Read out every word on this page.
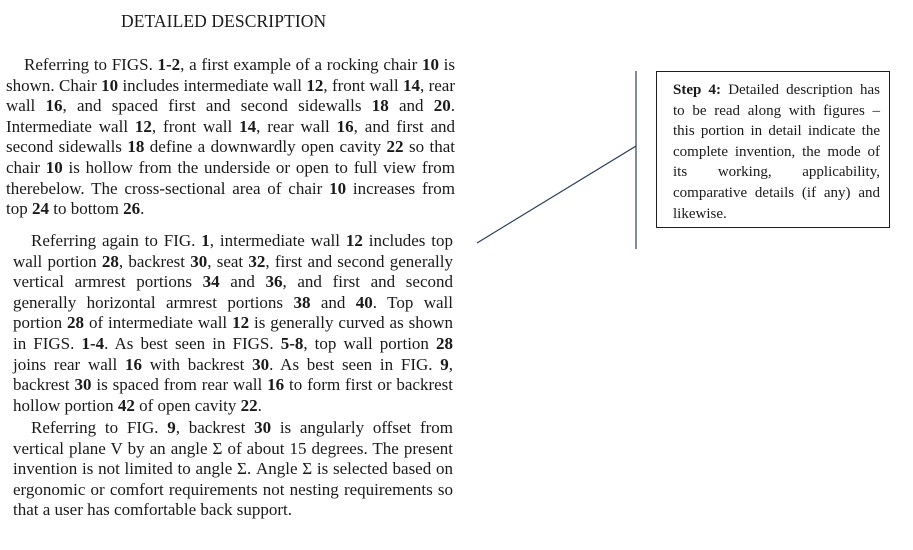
DETAILED DESCRIPTION

Referring to FIGS. 1-2, a first example of a rocking chair 10 is shown. Chair 10 includes intermediate wall 12, front wall 14, rear wall 16, and spaced first and second sidewalls 18 and 20. Intermediate wall 12, front wall 14, rear wall 16, and first and second sidewalls 18 define a downwardly open cavity 22 so that chair 10 is hollow from the underside or open to full view from therebelow. The cross-sectional area of chair 10 increases from top 24 to bottom 26.

Referring again to FIG. 1, intermediate wall 12 includes top wall portion 28, backrest 30, seat 32, first and second generally vertical armrest portions 34 and 36, and first and second generally horizontal armrest portions 38 and 40. Top wall portion 28 of intermediate wall 12 is generally curved as shown in FIGS. 1-4. As best seen in FIGS. 5-8, top wall portion 28 joins rear wall 16 with backrest 30. As best seen in FIG. 9, backrest 30 is spaced from rear wall 16 to form first or backrest hollow portion 42 of open cavity 22.

Referring to FIG. 9, backrest 30 is angularly offset from vertical plane V by an angle Σ of about 15 degrees. The present invention is not limited to angle Σ. Angle Σ is selected based on ergonomic or comfort requirements not nesting requirements so that a user has comfortable back support.

Step 4: Detailed description has to be read along with figures – this portion in detail indicate the complete invention, the mode of its working, applicability, comparative details (if any) and likewise.
